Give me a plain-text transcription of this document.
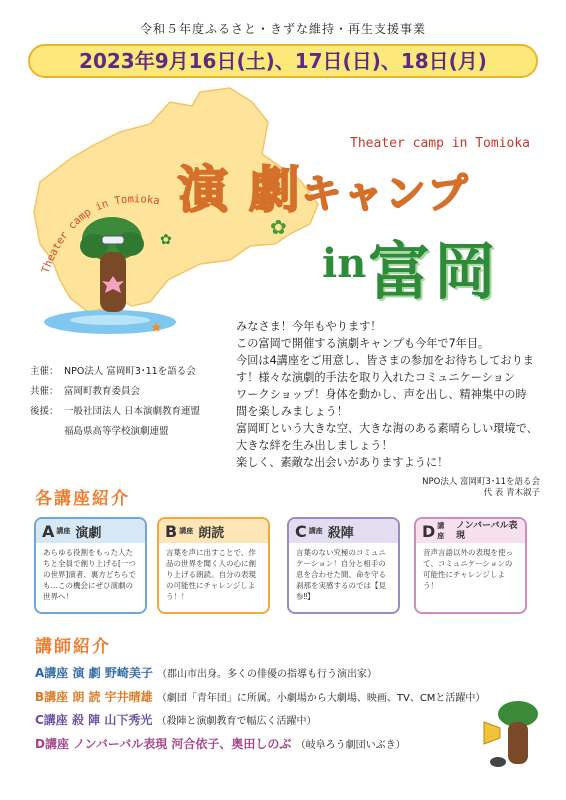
令和５年度ふるさと・きずな維持・再生支援事業
2023年9月16日(土)、17日(日)、18日(月)
★
✿
✿
Theater camp in Tomioka
Theater camp in Tomioka
演 劇キャンプ
in 富岡
みなさま！今年もやります！
この富岡で開催する演劇キャンプも今年で7年目。
今回は4講座をご用意し、皆さまの参加をお待ちしておりま
す！様々な演劇的手法を取り入れたコミュニケーション
ワークショップ！身体を動かし、声を出し、精神集中の時
間を楽しみましょう！
富岡町という大きな空、大きな海のある素晴らしい環境で、
大きな絆を生み出しましょう！
楽しく、素敵な出会いがありますように！
NPO法人 富岡町3･11を語る会
代 表 青木淑子
主催： NPO法人 富岡町3･11を語る会
共催： 富岡町教育委員会
後援： 一般社団法人 日本演劇教育連盟
福島県高等学校演劇連盟
各講座紹介
A 講座 演劇
あらゆる役割をもった人たちと全員で創り上げる[一つの世界]演者、裏方どちらでも…この機会にぜひ演劇の世界へ！
B 講座 朗読
言葉を声に出すことで、作品の世界を聞く人の心に創り上げる朗読。自分の表現の可能性にチャレンジしよう！！
C 講座 殺陣
言葉のない究極のコミュニケーション！自分と相手の息を合わせた間、命を守る刹那を実感するのでは【見参‼】
D 講座
ノンバーバル表現
音声言語以外の表現を使って、コミュニケーションの可能性にチャレンジしよう！
講師紹介
A講座 演 劇 野崎美子 （郡山市出身。多くの俳優の指導も行う演出家）
B講座 朗 読 宇井晴雄 （劇団「青年団」に所属。小劇場から大劇場、映画、TV、CMと活躍中）
C講座 殺 陣 山下秀光 （殺陣と演劇教育で幅広く活躍中）
D講座 ノンバーバル表現 河合依子、奥田しのぶ （岐阜ろう劇団いぶき）
